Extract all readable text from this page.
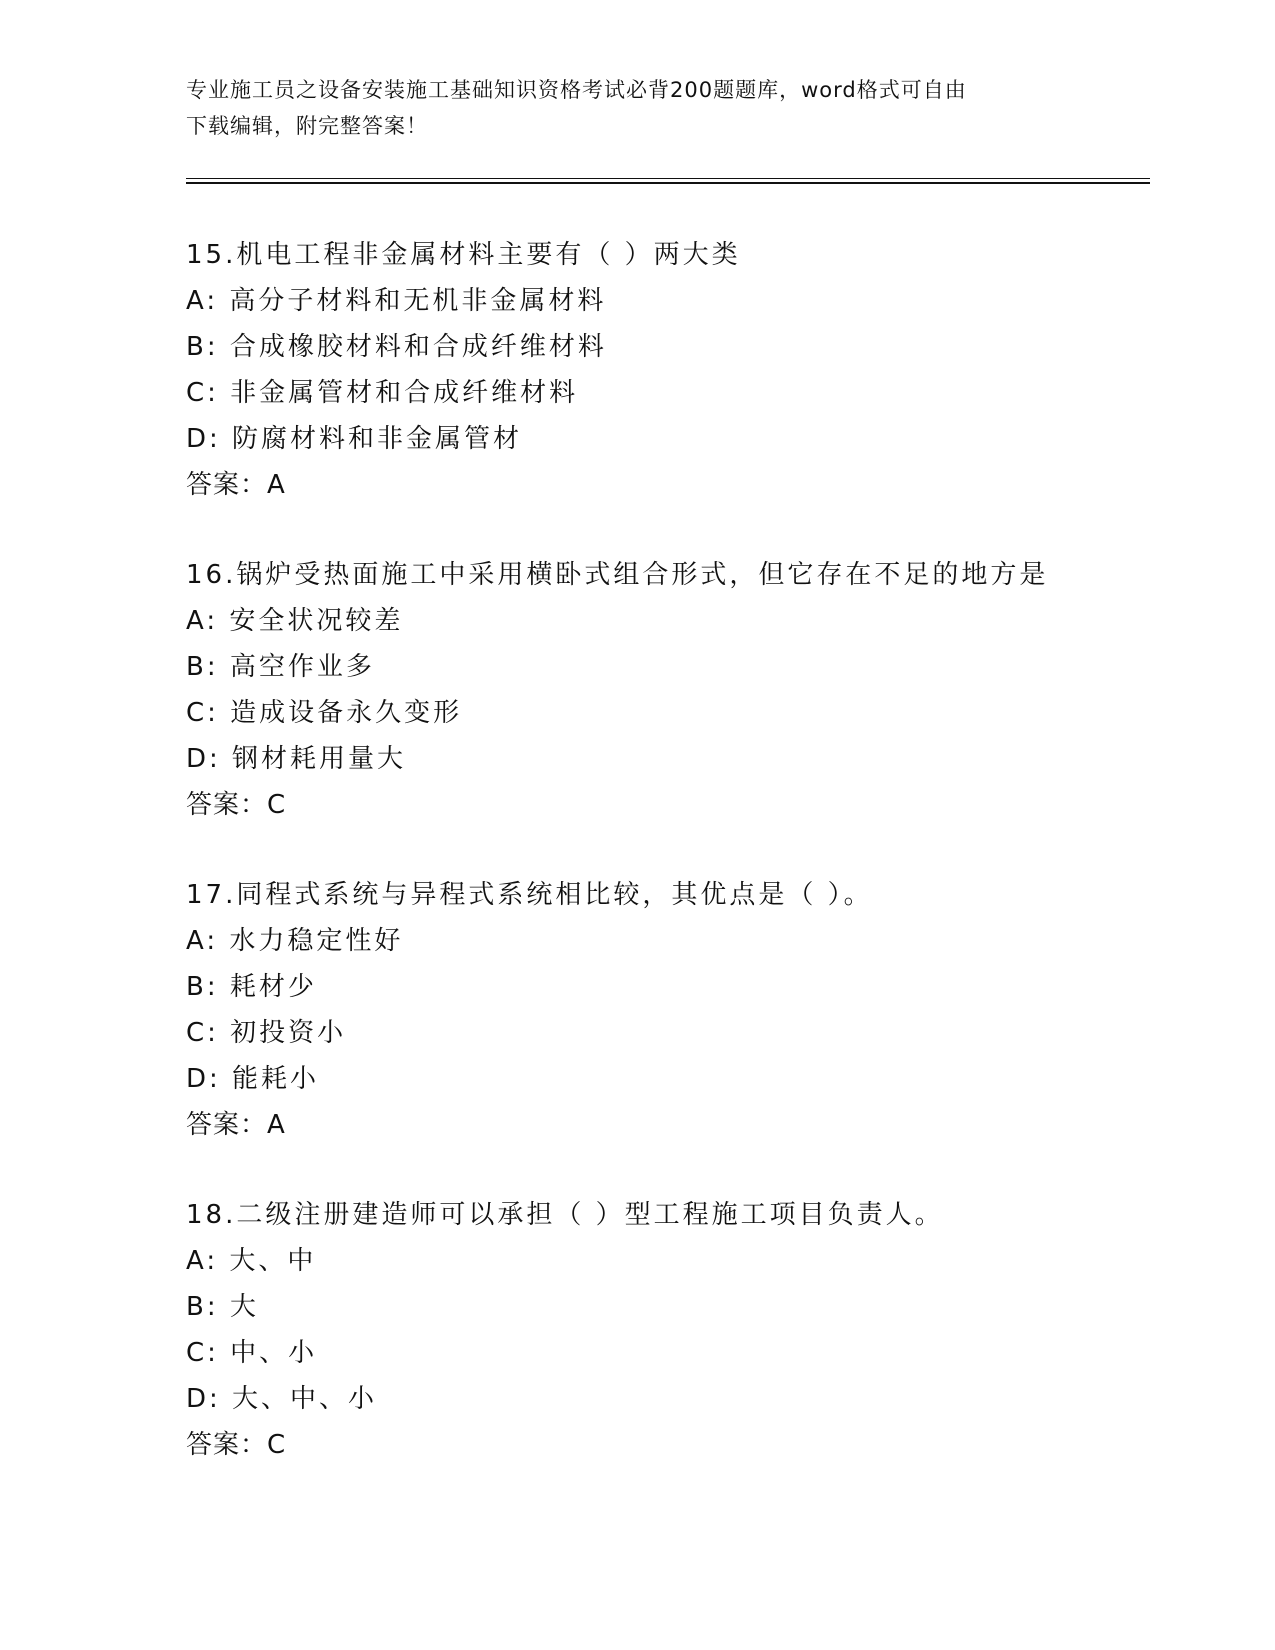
专业施工员之设备安装施工基础知识资格考试必背200题题库，word格式可自由
下载编辑，附完整答案！
15.机电工程非金属材料主要有（ ）两大类
A: 高分子材料和无机非金属材料
B: 合成橡胶材料和合成纤维材料
C: 非金属管材和合成纤维材料
D: 防腐材料和非金属管材
答案：A
16.锅炉受热面施工中采用横卧式组合形式，但它存在不足的地方是
A: 安全状况较差
B: 高空作业多
C: 造成设备永久变形
D: 钢材耗用量大
答案：C
17.同程式系统与异程式系统相比较，其优点是（ ）。
A: 水力稳定性好
B: 耗材少
C: 初投资小
D: 能耗小
答案：A
18.二级注册建造师可以承担（ ）型工程施工项目负责人。
A: 大、中
B: 大
C: 中、小
D: 大、中、小
答案：C
